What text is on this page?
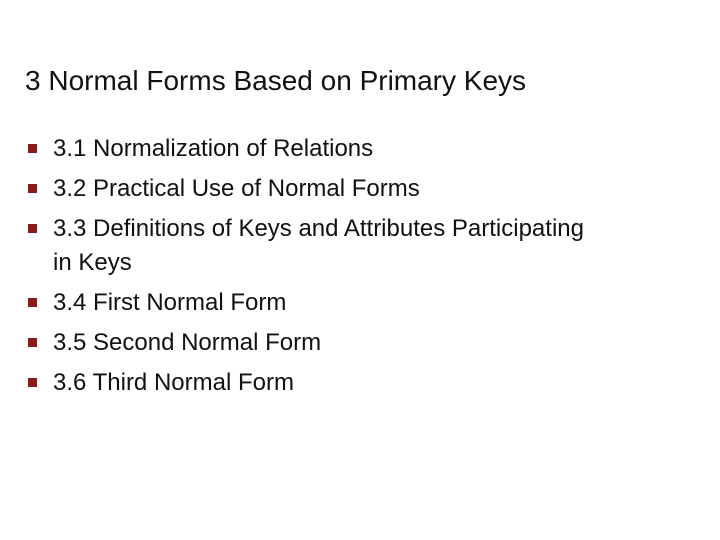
3 Normal Forms Based on Primary Keys
3.1 Normalization of Relations
3.2 Practical Use of Normal Forms
3.3 Definitions of Keys and Attributes Participating in Keys
3.4 First Normal Form
3.5 Second Normal Form
3.6 Third Normal Form
